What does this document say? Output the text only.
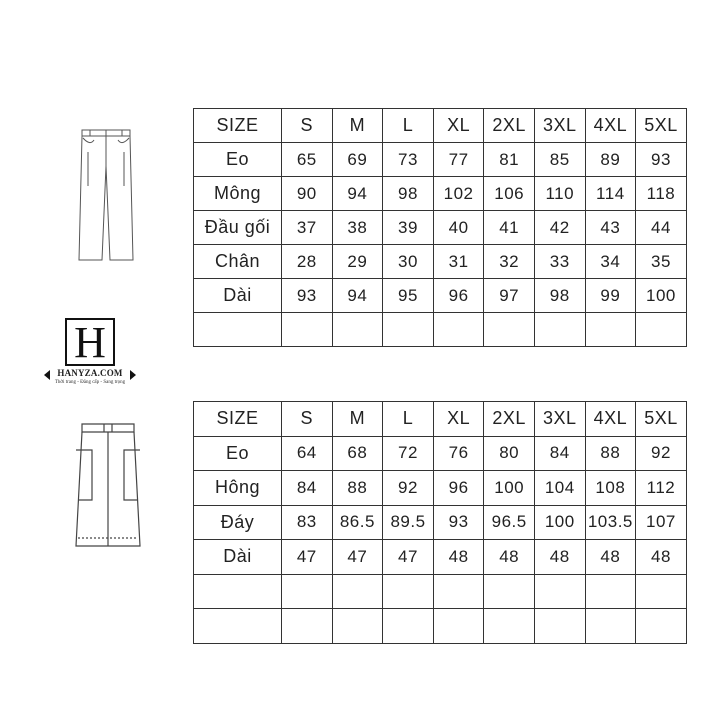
H
HANYZA.COM
Thời trang - Đẳng cấp - Sang trọng
SIZE	S	M	L	XL	2XL	3XL	4XL	5XL
Eo	65	69	73	77	81	85	89	93
Mông	90	94	98	102	106	110	114	118
Đầu gối	37	38	39	40	41	42	43	44
Chân	28	29	30	31	32	33	34	35
Dài	93	94	95	96	97	98	99	100

SIZE	S	M	L	XL	2XL	3XL	4XL	5XL
Eo	64	68	72	76	80	84	88	92
Hông	84	88	92	96	100	104	108	112
Đáy	83	86.5	89.5	93	96.5	100	103.5	107
Dài	47	47	47	48	48	48	48	48
